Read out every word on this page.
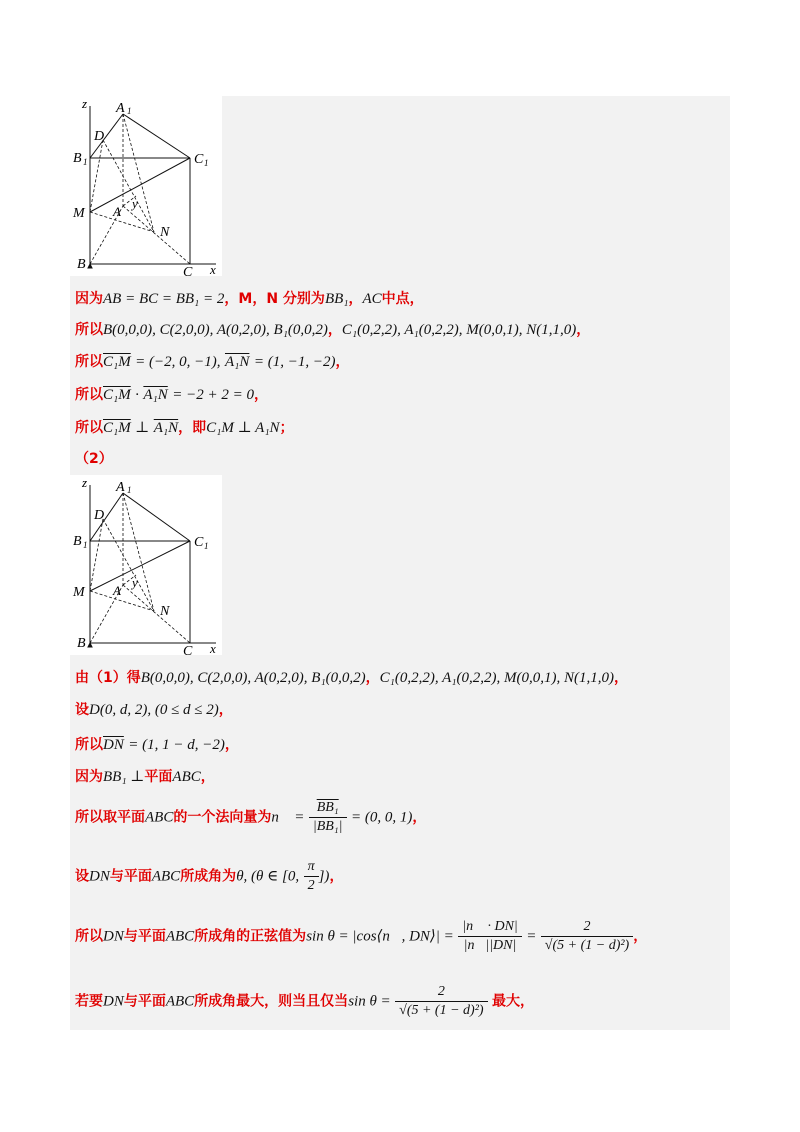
z A 1
D
B 1	C 1
M A
y
N
B
C x
因为AB = BC = BB₁ = 2，M，N 分别为BB₁，AC中点，
所以B(0,0,0), C(2,0,0), A(0,2,0), B₁(0,0,2)，C₁(0,2,2), A₁(0,2,2), M(0,0,1), N(1,1,0)，
所以C₁M = (−2, 0, −1), A₁N = (1, −1, −2)，
所以C₁M · A₁N = −2 + 2 = 0，
所以C₁M ⊥ A₁N，即C₁M ⊥ A₁N；
（2）
z A 1
D
B 1	C 1
M A
y
N
B
C x
由（1）得B(0,0,0), C(2,0,0), A(0,2,0), B₁(0,0,2)，C₁(0,2,2), A₁(0,2,2), M(0,0,1), N(1,1,0)，
设D(0, d, 2), (0 ≤ d ≤ 2)，
所以$\overline{DN} = (1$, 1 − d, −2)，
因为BB₁ ⊥平面ABC，
所以取平面ABC的一个法向量为n⃗ = $\frac{\text{BB₁}}{\text{|BB₁|}} = (0$, 0, 1)，
设DN与平面ABC所成角为θ, (θ ∈ [0, $\frac{\pi}{2}$ ])，
所以DN与平面ABC所成角的正弦值为sin θ = |cos⟨n⃗, DN⟩| = $\frac{|n⃗ \cdot DN|}{|n⃗||DN|} = \frac{2}{\text{√(5 + (1 − d)²)}}$ ，
若要DN与平面ABC所成角最大，则当且仅当$\sin \theta = \frac{2}{\text{√(5 + (1 − d)²)}}$ 最大，
